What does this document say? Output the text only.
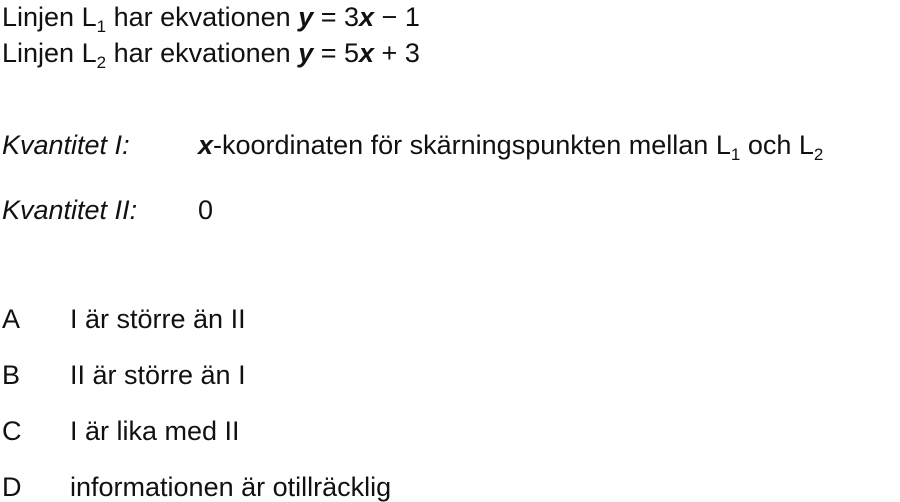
Linjen $L_1$ har ekvationen y = 3x − 1
Linjen $L_2$ har ekvationen y = 5x + 3
Kvantitet I:	x-koordinaten för skärningspunkten mellan $L_1$ och $L_2$
Kvantitet II: 0
A I är större än II
B II är större än I
C I är lika med II
D informationen är otillräcklig
